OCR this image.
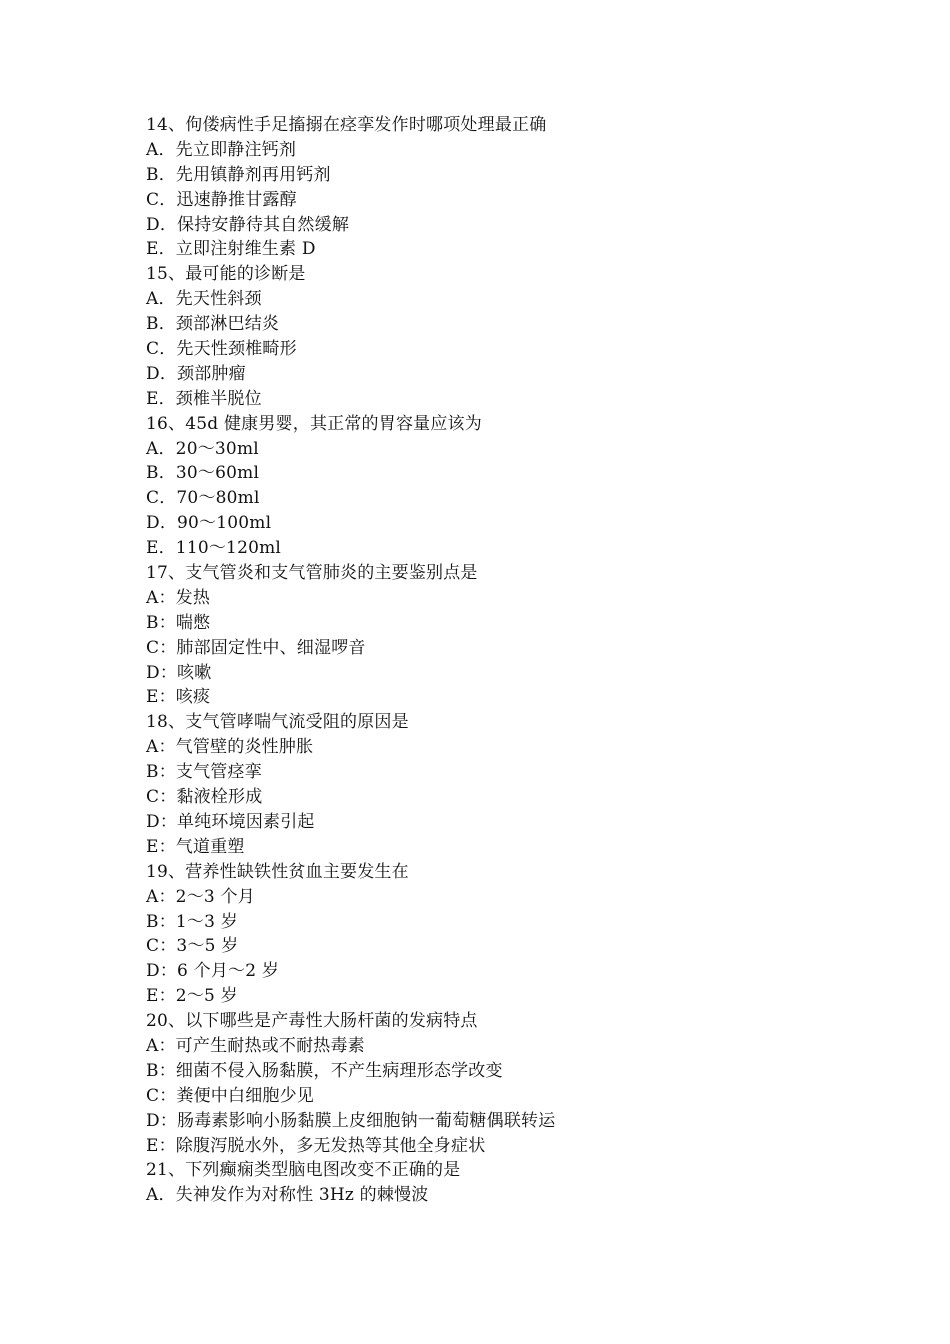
14、佝偻病性手足搐搦在痉挛发作时哪项处理最正确
A．先立即静注钙剂
B．先用镇静剂再用钙剂
C．迅速静推甘露醇
D．保持安静待其自然缓解
E．立即注射维生素 D
15、最可能的诊断是
A．先天性斜颈
B．颈部淋巴结炎
C．先天性颈椎畸形
D．颈部肿瘤
E．颈椎半脱位
16、45d 健康男婴，其正常的胃容量应该为
A．20～30ml
B．30～60ml
C．70～80ml
D．90～100ml
E．110～120ml
17、支气管炎和支气管肺炎的主要鉴别点是
A：发热
B：喘憋
C：肺部固定性中、细湿啰音
D：咳嗽
E：咳痰
18、支气管哮喘气流受阻的原因是
A：气管壁的炎性肿胀
B：支气管痉挛
C：黏液栓形成
D：单纯环境因素引起
E：气道重塑
19、营养性缺铁性贫血主要发生在
A：2～3 个月
B：1～3 岁
C：3～5 岁
D：6 个月～2 岁
E：2～5 岁
20、以下哪些是产毒性大肠杆菌的发病特点
A：可产生耐热或不耐热毒素
B：细菌不侵入肠黏膜，不产生病理形态学改变
C：粪便中白细胞少见
D：肠毒素影响小肠黏膜上皮细胞钠一葡萄糖偶联转运
E：除腹泻脱水外，多无发热等其他全身症状
21、下列癫痫类型脑电图改变不正确的是
A．失神发作为对称性 3Hz 的棘慢波
